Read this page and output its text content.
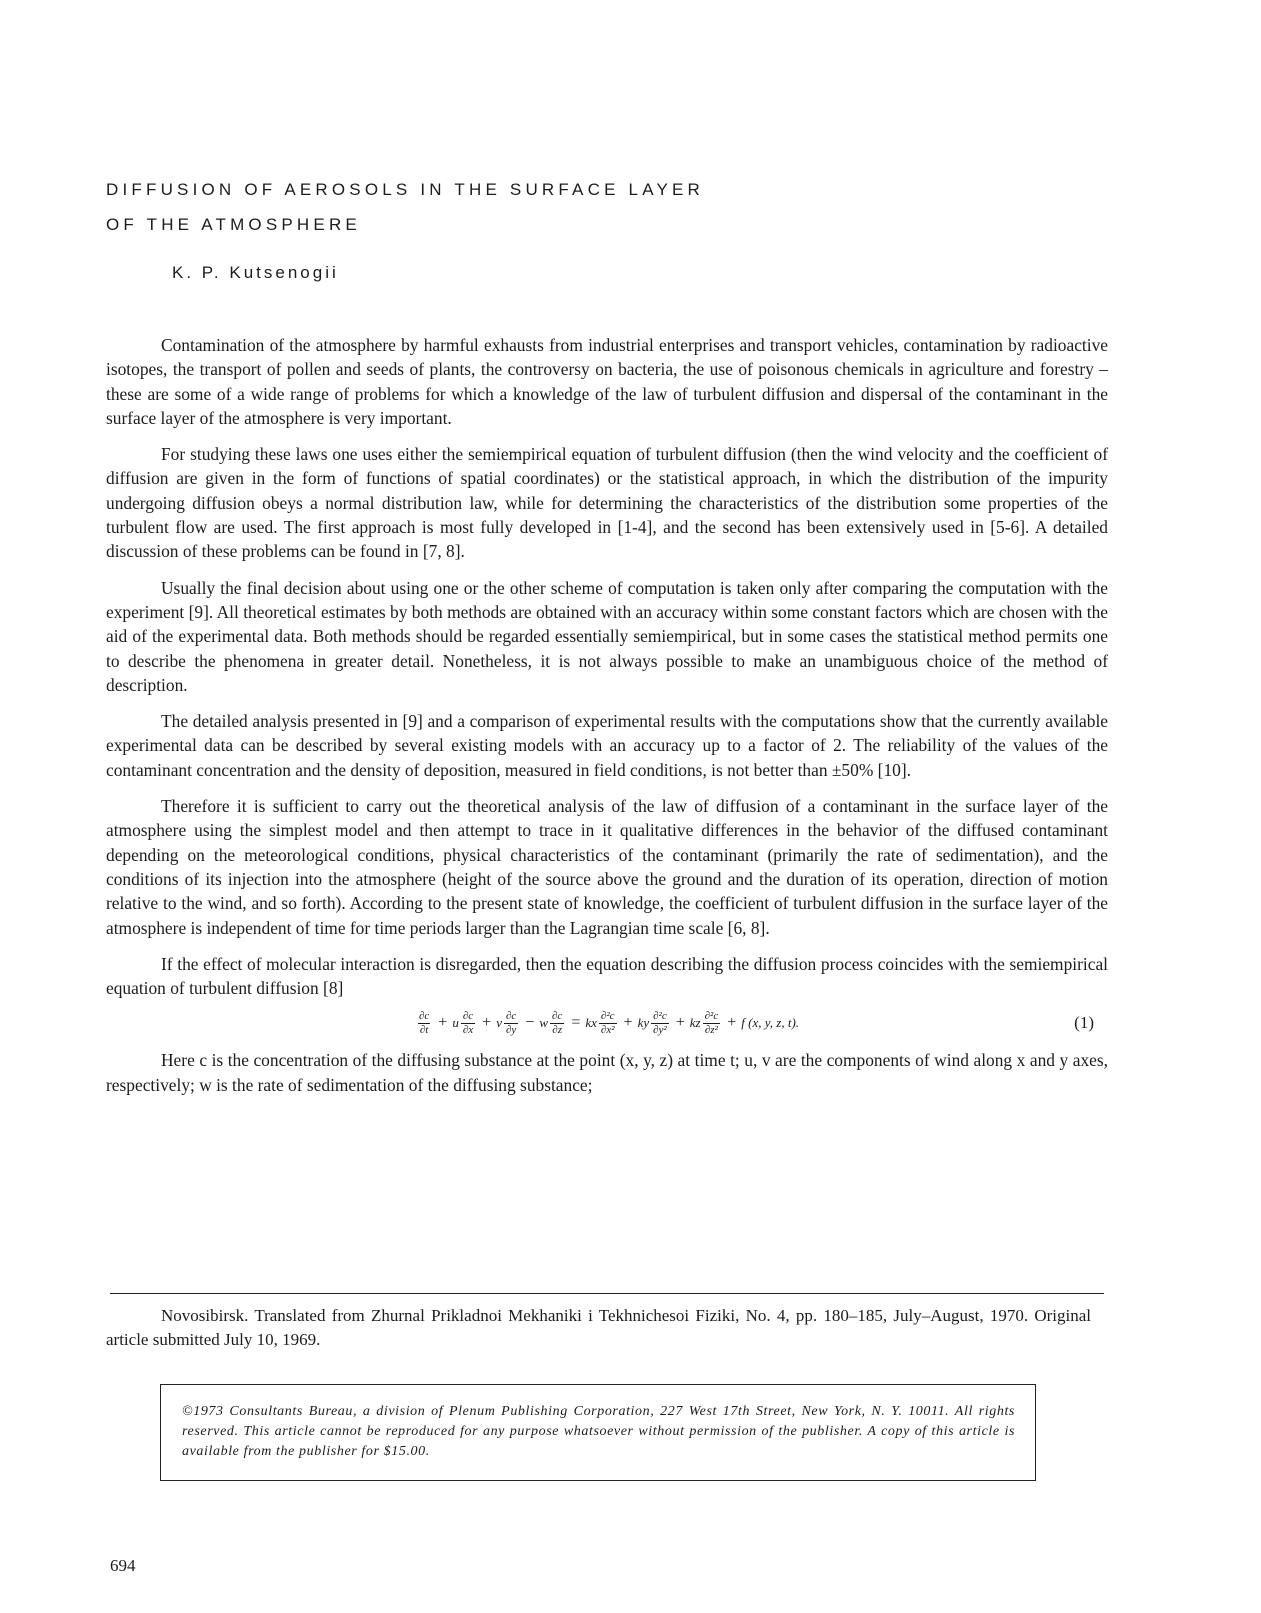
DIFFUSION OF AEROSOLS IN THE SURFACE LAYER
OF THE ATMOSPHERE
K. P. Kutsenogii

Contamination of the atmosphere by harmful exhausts from industrial enterprises and transport vehicles, contamination by radioactive isotopes, the transport of pollen and seeds of plants, the controversy on bacteria, the use of poisonous chemicals in agriculture and forestry – these are some of a wide range of problems for which a knowledge of the law of turbulent diffusion and dispersal of the contaminant in the surface layer of the atmosphere is very important.

For studying these laws one uses either the semiempirical equation of turbulent diffusion (then the wind velocity and the coefficient of diffusion are given in the form of functions of spatial coordinates) or the statistical approach, in which the distribution of the impurity undergoing diffusion obeys a normal distribution law, while for determining the characteristics of the distribution some properties of the turbulent flow are used. The first approach is most fully developed in [1-4], and the second has been extensively used in [5-6]. A detailed discussion of these problems can be found in [7, 8].

Usually the final decision about using one or the other scheme of computation is taken only after comparing the computation with the experiment [9]. All theoretical estimates by both methods are obtained with an accuracy within some constant factors which are chosen with the aid of the experimental data. Both methods should be regarded essentially semiempirical, but in some cases the statistical method permits one to describe the phenomena in greater detail. Nonetheless, it is not always possible to make an unambiguous choice of the method of description.

The detailed analysis presented in [9] and a comparison of experimental results with the computations show that the currently available experimental data can be described by several existing models with an accuracy up to a factor of 2. The reliability of the values of the contaminant concentration and the density of deposition, measured in field conditions, is not better than ±50% [10].

Therefore it is sufficient to carry out the theoretical analysis of the law of diffusion of a contaminant in the surface layer of the atmosphere using the simplest model and then attempt to trace in it qualitative differences in the behavior of the diffused contaminant depending on the meteorological conditions, physical characteristics of the contaminant (primarily the rate of sedimentation), and the conditions of its injection into the atmosphere (height of the source above the ground and the duration of its operation, direction of motion relative to the wind, and so forth). According to the present state of knowledge, the coefficient of turbulent diffusion in the surface layer of the atmosphere is independent of time for time periods larger than the Lagrangian time scale [6, 8].

If the effect of molecular interaction is disregarded, then the equation describing the diffusion process coincides with the semiempirical equation of turbulent diffusion [8]

$\frac{\partial c}{\partial t} + u \frac{\partial c}{\partial x} + v \frac{\partial c}{\partial y} - w \frac{\partial c}{\partial z}$ = kx $\frac{\text{∂²c}}{\text{∂x²}}$ + ky $\frac{\text{∂²c}}{\text{∂y²}}$ + kz $\frac{\text{∂²c}}{\text{∂z²}} + f$ (x, y, z, t).	(1)

Here c is the concentration of the diffusing substance at the point (x, y, z) at time t; u, v are the components of wind along x and y axes, respectively; w is the rate of sedimentation of the diffusing substance;

Novosibirsk. Translated from Zhurnal Prikladnoi Mekhaniki i Tekhnichesoi Fiziki, No. 4, pp. 180–185, July–August, 1970. Original article submitted July 10, 1969.

©1973 Consultants Bureau, a division of Plenum Publishing Corporation, 227 West 17th Street, New York, N. Y. 10011. All rights reserved. This article cannot be reproduced for any purpose whatsoever without permission of the publisher. A copy of this article is available from the publisher for $15.00.
694
